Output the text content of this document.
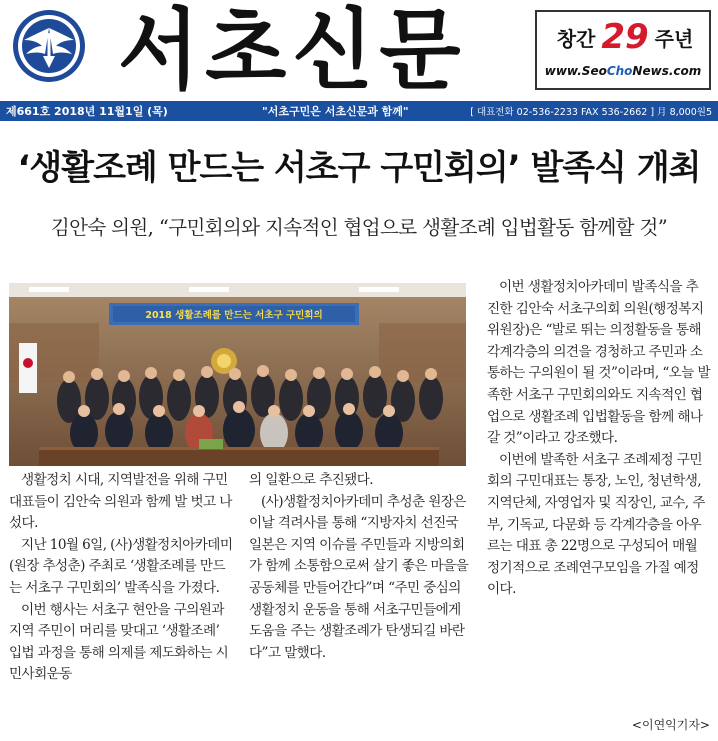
서초신문	창간 29 주년
www.SeoChoNews.com
제661호 2018년 11월1일 (목)	"서초구민은 서초신문과 함께"	[ 대표전화 02-536-2233 FAX 536-2662 ] 月 8,000원5
‘생활조례 만드는 서초구 구민회의’ 발족식 개최
김안숙 의원, “구민회의와 지속적인 협업으로 생활조례 입법활동 함께할 것”
2018 생활조례를 만드는 서초구 구민회의

이번 생활정치아카데미 발족식을 추진한 김안숙 서초구의회 의원(행정복지위원장)은 “발로 뛰는 의정활동을 통해 각계각층의 의견을 경청하고 주민과 소통하는 구의원이 될 것”이라며, “오늘 발족한 서초구 구민회의와도 지속적인 협업으로 생활조례 입법활동을 함께 해나갈 것”이라고 강조했다.

이번에 발족한 서초구 조례제정 구민회의 구민대표는 통장, 노인, 청년학생, 지역단체, 자영업자 및 직장인, 교수, 주부, 기독교, 다문화 등 각계각층을 아우르는 대표 총 22명으로 구성되어 매월 정기적으로 조례연구모임을 가질 예정이다.

생활정치 시대, 지역발전을 위해 구민대표들이 김안숙 의원과 함께 발 벗고 나섰다.

지난 10월 6일, (사)생활정치아카데미(원장 추성춘) 주최로 ‘생활조례를 만드는 서초구 구민회의’ 발족식을 가졌다.

이번 행사는 서초구 현안을 구의원과 지역 주민이 머리를 맞대고 ‘생활조례’ 입법 과정을 통해 의제를 제도화하는 시민사회운동

의 일환으로 추진됐다.

(사)생활정치아카데미 추성춘 원장은 이날 격려사를 통해 “지방자치 선진국 일본은 지역 이슈를 주민들과 지방의회가 함께 소통함으로써 살기 좋은 마을을 공동체를 만들어간다”며 “주민 중심의 생활정치 운동을 통해 서초구민들에게 도움을 주는 생활조례가 탄생되길 바란다”고 말했다.

<이연익기자>
